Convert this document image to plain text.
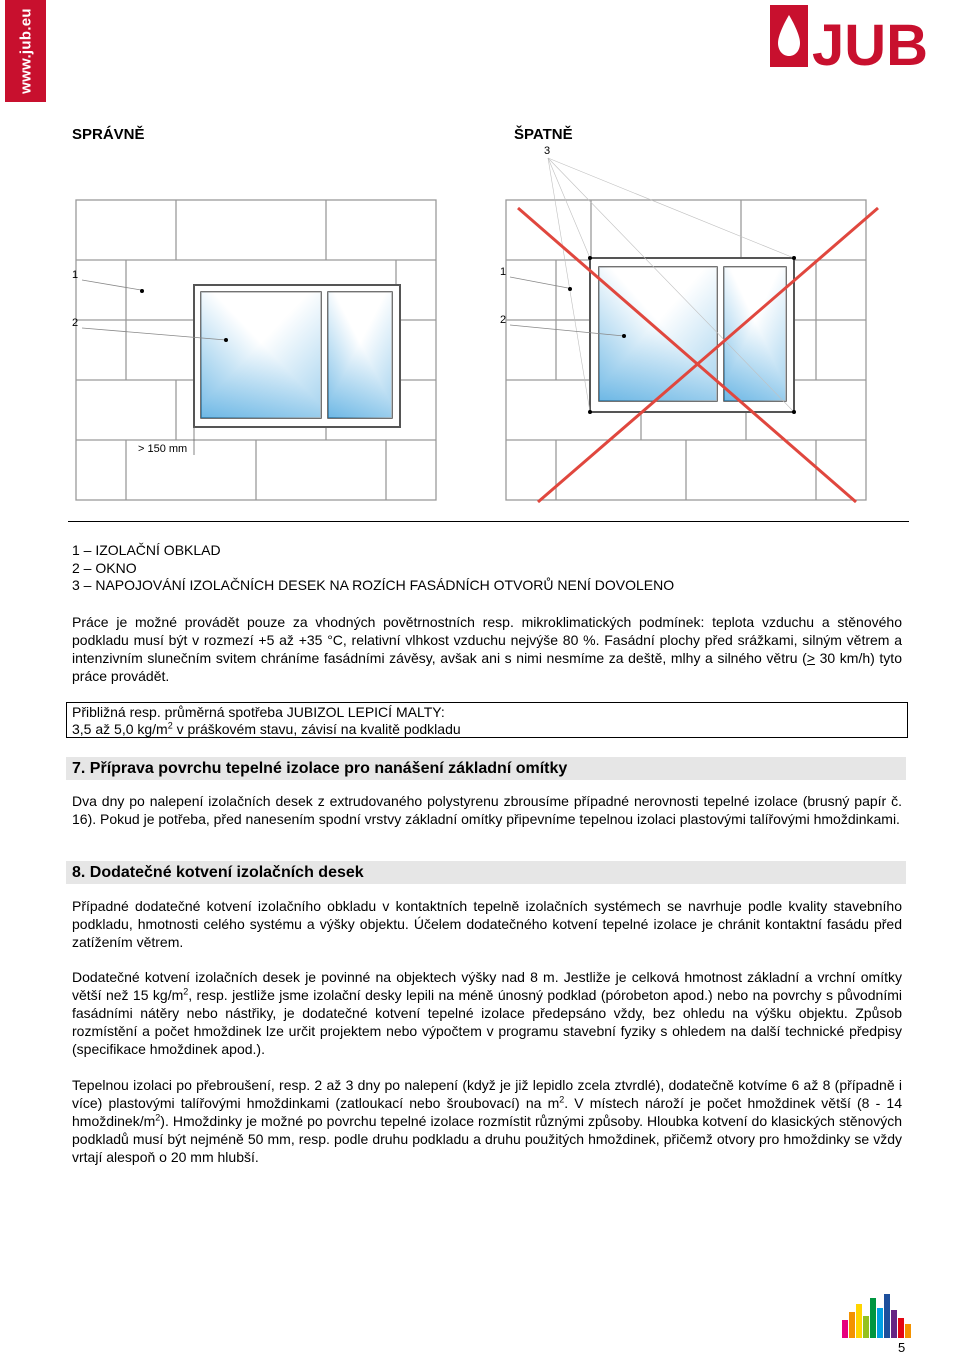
www.jub.eu	JUB
SPRÁVNĚ	ŠPATNĚ
1
2
> 150 mm
3
1
2
1 – IZOLAČNÍ OBKLAD
2 – OKNO
3 – NAPOJOVÁNÍ IZOLAČNÍCH DESEK NA ROZÍCH FASÁDNÍCH OTVORŮ NENÍ DOVOLENO
Práce je možné provádět pouze za vhodných povětrnostních resp. mikroklimatických podmínek: teplota vzduchu a stěnového podkladu musí být v rozmezí +5 až +35 °C, relativní vlhkost vzduchu nejvýše 80 %. Fasádní plochy před srážkami, silným větrem a intenzivním slunečním svitem chráníme fasádními závěsy, avšak ani s nimi nesmíme za deště, mlhy a silného větru (≥ 30 km/h) tyto práce provádět.
Přibližná resp. průměrná spotřeba JUBIZOL LEPICÍ MALTY:
3,5 až 5,0 $kg/m^2$ v práškovém stavu, závisí na kvalitě podkladu
7. Příprava povrchu tepelné izolace pro nanášení základní omítky
Dva dny po nalepení izolačních desek z extrudovaného polystyrenu zbrousíme případné nerovnosti tepelné izolace (brusný papír č. 16). Pokud je potřeba, před nanesením spodní vrstvy základní omítky připevníme tepelnou izolaci plastovými talířovými hmoždinkami.
8. Dodatečné kotvení izolačních desek
Případné dodatečné kotvení izolačního obkladu v kontaktních tepelně izolačních systémech se navrhuje podle kvality stavebního podkladu, hmotnosti celého systému a výšky objektu. Účelem dodatečného kotvení tepelné izolace je chránit kontaktní fasádu před zatížením větrem.
Dodatečné kotvení izolačních desek je povinné na objektech výšky nad 8 m. Jestliže je celková hmotnost základní a vrchní omítky větší než 15 $kg/m^2$, resp. jestliže jsme izolační desky lepili na méně únosný podklad (pórobeton apod.) nebo na povrchy s původními fasádními nátěry nebo nástřiky, je dodatečné kotvení tepelné izolace předepsáno vždy, bez ohledu na výšku objektu. Způsob rozmístění a počet hmoždinek lze určit projektem nebo výpočtem v programu stavební fyziky s ohledem na další technické předpisy (specifikace hmoždinek apod.).
Tepelnou izolaci po přebroušení, resp. 2 až 3 dny po nalepení (když je již lepidlo zcela ztvrdlé), dodatečně kotvíme 6 až 8 (případně i více) plastovými talířovými hmoždinkami (zatloukací nebo šroubovací) na $m^2$. V místech nároží je počet hmoždinek větší (8 - 14 hmoždinek/$m^2$). Hmoždinky je možné po povrchu tepelné izolace rozmístit různými způsoby. Hloubka kotvení do klasických stěnových podkladů musí být nejméně 50 mm, resp. podle druhu podkladu a druhu použitých hmoždinek, přičemž otvory pro hmoždinky se vždy vrtají alespoň o 20 mm hlubší.
5
